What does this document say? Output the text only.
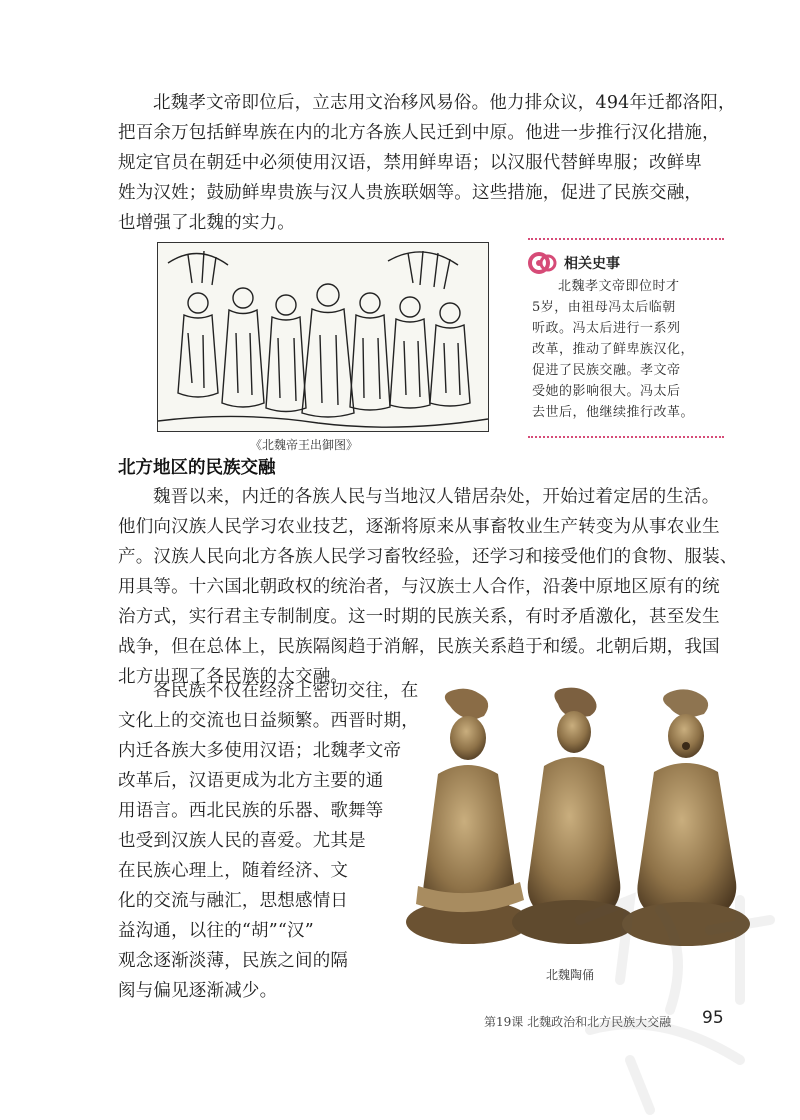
北魏孝文帝即位后，立志用文治移风易俗。他力排众议，494年迁都洛阳，
把百余万包括鲜卑族在内的北方各族人民迁到中原。他进一步推行汉化措施，
规定官员在朝廷中必须使用汉语，禁用鲜卑语；以汉服代替鲜卑服；改鲜卑
姓为汉姓；鼓励鲜卑贵族与汉人贵族联姻等。这些措施，促进了民族交融，
也增强了北魏的实力。
《北魏帝王出御图》
相关史事
北魏孝文帝即位时才
5岁，由祖母冯太后临朝
听政。冯太后进行一系列
改革，推动了鲜卑族汉化，
促进了民族交融。孝文帝
受她的影响很大。冯太后
去世后，他继续推行改革。
北方地区的民族交融
魏晋以来，内迁的各族人民与当地汉人错居杂处，开始过着定居的生活。
他们向汉族人民学习农业技艺，逐渐将原来从事畜牧业生产转变为从事农业生
产。汉族人民向北方各族人民学习畜牧经验，还学习和接受他们的食物、服装、
用具等。十六国北朝政权的统治者，与汉族士人合作，沿袭中原地区原有的统
治方式，实行君主专制制度。这一时期的民族关系，有时矛盾激化，甚至发生
战争，但在总体上，民族隔阂趋于消解，民族关系趋于和缓。北朝后期，我国
北方出现了各民族的大交融。
各民族不仅在经济上密切交往，在
文化上的交流也日益频繁。西晋时期，
内迁各族大多使用汉语；北魏孝文帝
改革后，汉语更成为北方主要的通
用语言。西北民族的乐器、歌舞等
也受到汉族人民的喜爱。尤其是
在民族心理上，随着经济、文
化的交流与融汇，思想感情日
益沟通，以往的“胡”“汉”
观念逐渐淡薄，民族之间的隔
阂与偏见逐渐减少。
北魏陶俑
第19课 北魏政治和北方民族大交融 95
